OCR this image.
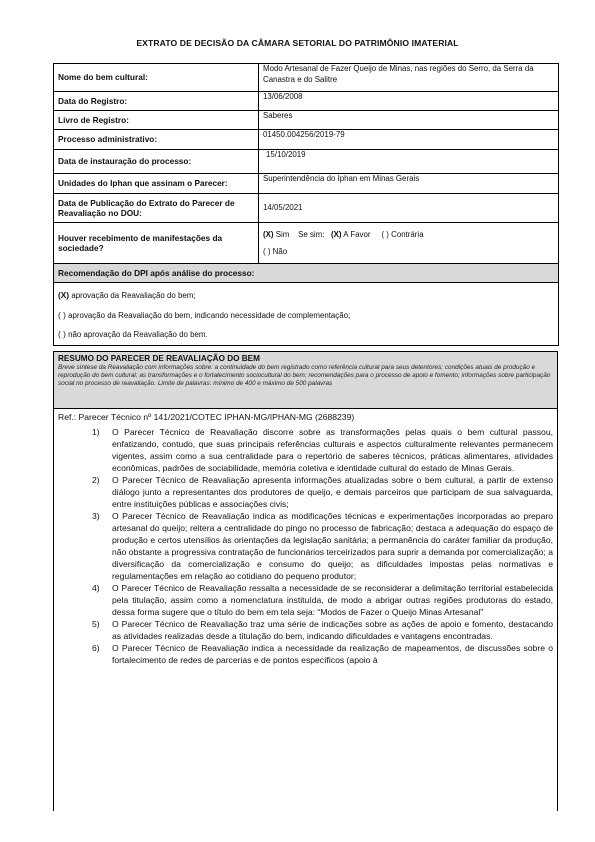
EXTRATO DE DECISÃO DA CÂMARA SETORIAL DO PATRIMÔNIO IMATERIAL
Nome do bem cultural:	Modo Artesanal de Fazer Queijo de Minas, nas regiões do Serro, da Serra da Canastra e do Salitre
Data do Registro:	13/06/2008
Livro de Registro:	Saberes
Processo administrativo:	01450.004256/2019-79
Data de instauração do processo:	15/10/2019
Unidades do Iphan que assinam o Parecer:	Superintendência do Iphan em Minas Gerais
Data de Publicação do Extrato do Parecer de Reavaliação no DOU:	14/05/2021
Houver recebimento de manifestações da sociedade?	(X) Sim Se sim: (X) A Favor ( ) Contrária
( ) Não

Recomendação do DPI após análise do processo:	

(X) aprovação da Reavaliação do bem;
( ) aprovação da Reavaliação do bem, indicando necessidade de complementação;
( ) não aprovação da Reavaliação do bem.	
RESUMO DO PARECER DE REAVALIAÇÃO DO BEM
Breve síntese da Reavaliação com informações sobre: a continuidade do bem registrado como referência cultural para seus detentores; condições atuais de produção e reprodução do bem cultural; as transformações e o fortalecimento sociocultural do bem; recomendações para o processo de apoio e fomento; informações sobre participação social no processo de reavaliação. Limite de palavras: mínimo de 400 e máximo de 500 palavras
Ref.: Parecer Técnico nº 141/2021/COTEC IPHAN-MG/IPHAN-MG (2688239)
1) O Parecer Técnico de Reavaliação discorre sobre as transformações pelas quais o bem cultural passou, enfatizando, contudo, que suas principais referências culturais e aspectos culturalmente relevantes permanecem vigentes, assim como a sua centralidade para o repertório de saberes técnicos, práticas alimentares, atividades econômicas, padrões de sociabilidade, memória coletiva e identidade cultural do estado de Minas Gerais.
2) O Parecer Técnico de Reavaliação apresenta informações atualizadas sobre o bem cultural, a partir de extenso diálogo junto a representantes dos produtores de queijo, e demais parceiros que participam de sua salvaguarda, entre instituições públicas e associações civis;
3) O Parecer Técnico de Reavaliação indica as modificações técnicas e experimentações incorporadas ao preparo artesanal do queijo; reitera a centralidade do pingo no processo de fabricação; destaca a adequação do espaço de produção e certos utensílios às orientações da legislação sanitária; a permanência do caráter familiar da produção, não obstante a progressiva contratação de funcionários terceirizados para suprir a demanda por comercialização; a diversificação da comercialização e consumo do queijo; as dificuldades impostas pelas normativas e regulamentações em relação ao cotidiano do pequeno produtor;
4) O Parecer Técnico de Reavaliação ressalta a necessidade de se reconsiderar a delimitação territorial estabelecida pela titulação, assim como a nomenclatura instituída, de modo a abrigar outras regiões produtoras do estado, dessa forma sugere que o título do bem em tela seja: “Modos de Fazer o Queijo Minas Artesanal”
5) O Parecer Técnico de Reavaliação traz uma série de indicações sobre as ações de apoio e fomento, destacando as atividades realizadas desde a titulação do bem, indicando dificuldades e vantagens encontradas.
6) O Parecer Técnico de Reavaliação indica a necessidade da realização de mapeamentos, de discussões sobre o fortalecimento de redes de parcerias e de pontos específicos (apoio à
